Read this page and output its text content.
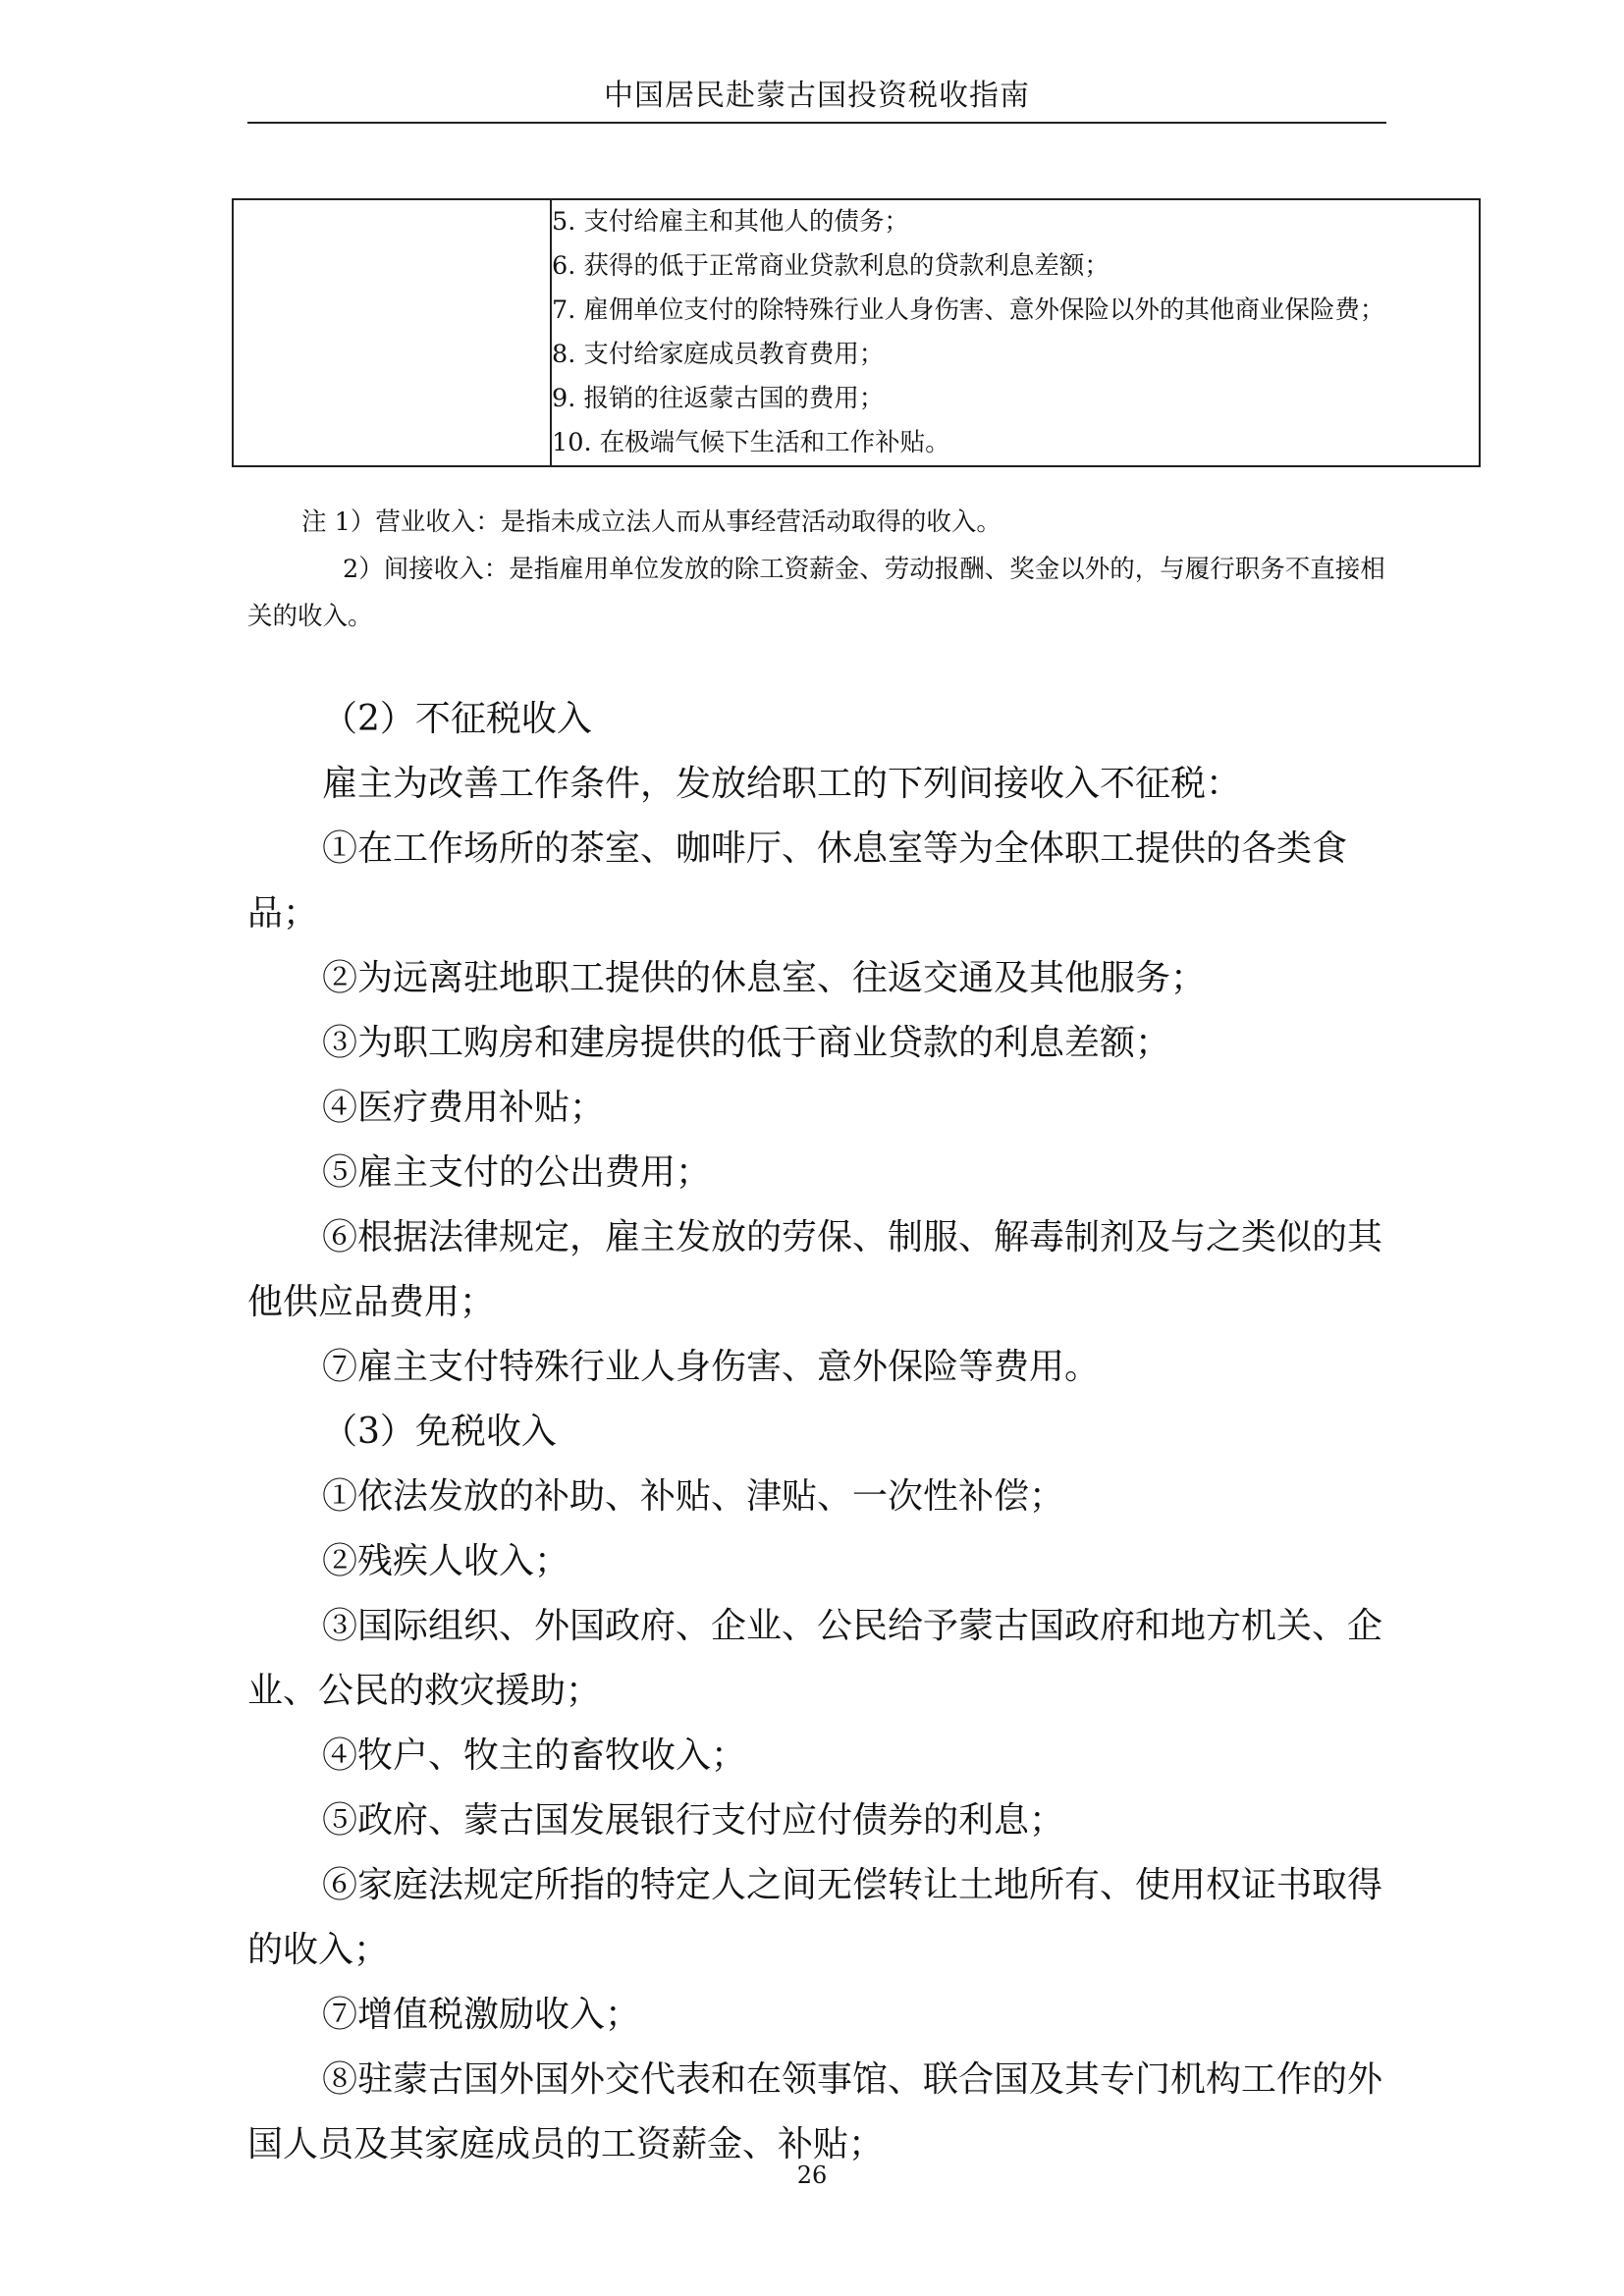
中国居民赴蒙古国投资税收指南

5. 支付给雇主和其他人的债务；
6. 获得的低于正常商业贷款利息的贷款利息差额；
7. 雇佣单位支付的除特殊行业人身伤害、意外保险以外的其他商业保险费；
8. 支付给家庭成员教育费用；
9. 报销的往返蒙古国的费用；
10. 在极端气候下生活和工作补贴。
注 1）营业收入：是指未成立法人而从事经营活动取得的收入。
2）间接收入：是指雇用单位发放的除工资薪金、劳动报酬、奖金以外的，与履行职务不直接相关的收入。
（2）不征税收入
雇主为改善工作条件，发放给职工的下列间接收入不征税：
①在工作场所的茶室、咖啡厅、休息室等为全体职工提供的各类食品；
②为远离驻地职工提供的休息室、往返交通及其他服务；
③为职工购房和建房提供的低于商业贷款的利息差额；
④医疗费用补贴；
⑤雇主支付的公出费用；
⑥根据法律规定，雇主发放的劳保、制服、解毒制剂及与之类似的其他供应品费用；
⑦雇主支付特殊行业人身伤害、意外保险等费用。
（3）免税收入
①依法发放的补助、补贴、津贴、一次性补偿；
②残疾人收入；
③国际组织、外国政府、企业、公民给予蒙古国政府和地方机关、企业、公民的救灾援助；
④牧户、牧主的畜牧收入；
⑤政府、蒙古国发展银行支付应付债券的利息；
⑥家庭法规定所指的特定人之间无偿转让土地所有、使用权证书取得的收入；
⑦增值税激励收入；
⑧驻蒙古国外国外交代表和在领事馆、联合国及其专门机构工作的外国人员及其家庭成员的工资薪金、补贴；
26
